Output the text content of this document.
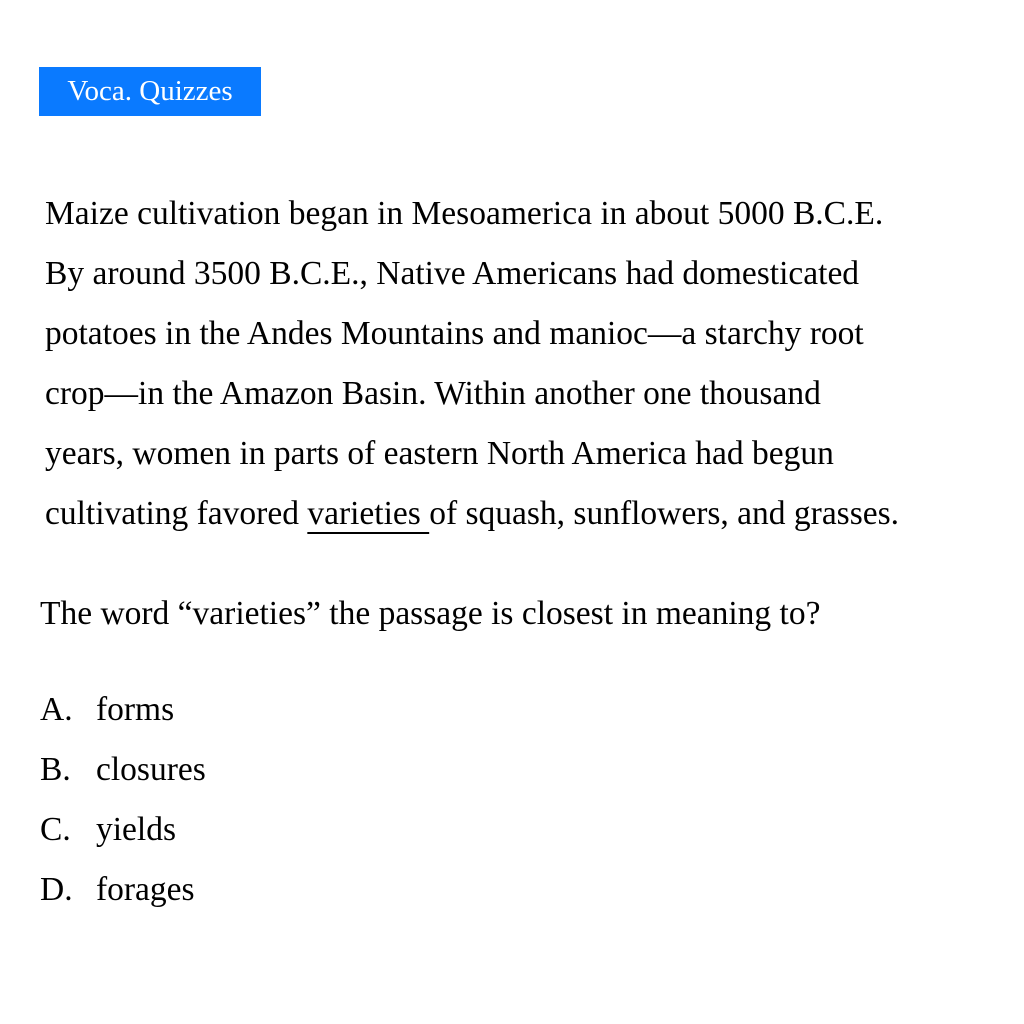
Voca. Quizzes

Maize cultivation began in Mesoamerica in about 5000 B.C.E.
By around 3500 B.C.E., Native Americans had domesticated
potatoes in the Andes Mountains and manioc—a starchy root
crop—in the Amazon Basin. Within another one thousand
years, women in parts of eastern North America had begun
cultivating favored varieties of squash, sunflowers, and grasses.

The word “varieties” the passage is closest in meaning to?

A. forms
B. closures
C. yields
D. forages
